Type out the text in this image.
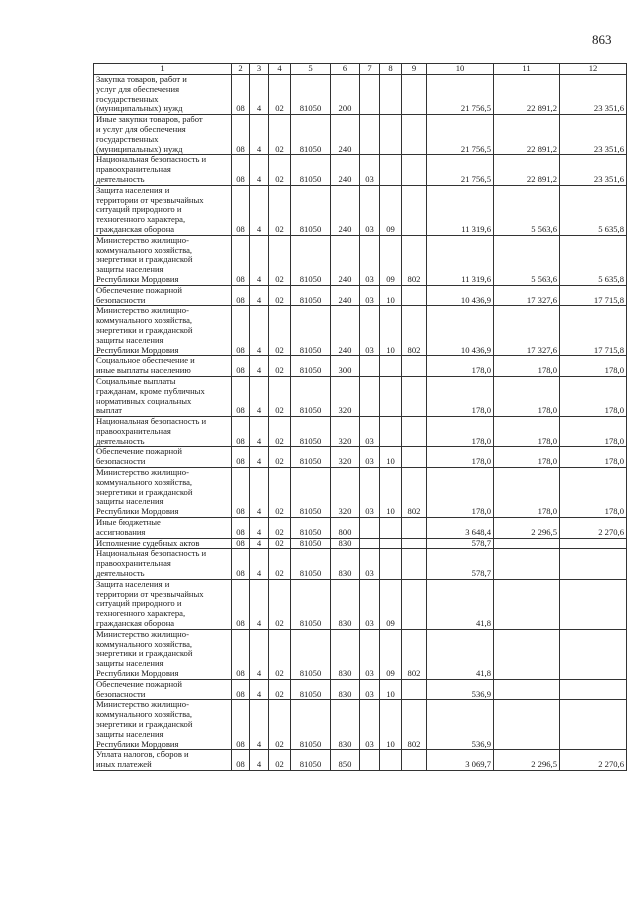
863
1	2	3	4	5	6	7	8	9	10	11	12

Закупка товаров, работ и
услуг для обеспечения
государственных
(муниципальных) нужд	08	4	02	81050	200				21 756,5	22 891,2	23 351,6

Иные закупки товаров, работ
и услуг для обеспечения
государственных
(муниципальных) нужд	08	4	02	81050	240				21 756,5	22 891,2	23 351,6

Национальная безопасность и
правоохранительная
деятельность	08	4	02	81050	240	03			21 756,5	22 891,2	23 351,6

Защита населения и
территории от чрезвычайных
ситуаций природного и
техногенного характера,
гражданская оборона	08	4	02	81050	240	03	09		11 319,6	5 563,6	5 635,8

Министерство жилищно-
коммунального хозяйства,
энергетики и гражданской
защиты населения
Республики Мордовия	08	4	02	81050	240	03	09	802	11 319,6	5 563,6	5 635,8

Обеспечение пожарной
безопасности	08	4	02	81050	240	03	10		10 436,9	17 327,6	17 715,8

Министерство жилищно-
коммунального хозяйства,
энергетики и гражданской
защиты населения
Республики Мордовия	08	4	02	81050	240	03	10	802	10 436,9	17 327,6	17 715,8

Социальное обеспечение и
иные выплаты населению	08	4	02	81050	300				178,0	178,0	178,0

Социальные выплаты
гражданам, кроме публичных
нормативных социальных
выплат	08	4	02	81050	320				178,0	178,0	178,0

Национальная безопасность и
правоохранительная
деятельность	08	4	02	81050	320	03			178,0	178,0	178,0

Обеспечение пожарной
безопасности	08	4	02	81050	320	03	10		178,0	178,0	178,0

Министерство жилищно-
коммунального хозяйства,
энергетики и гражданской
защиты населения
Республики Мордовия	08	4	02	81050	320	03	10	802	178,0	178,0	178,0

Иные бюджетные
ассигнования	08	4	02	81050	800				3 648,4	2 296,5	2 270,6

Исполнение судебных актов	08	4	02	81050	830				578,7		

Национальная безопасность и
правоохранительная
деятельность	08	4	02	81050	830	03			578,7		

Защита населения и
территории от чрезвычайных
ситуаций природного и
техногенного характера,
гражданская оборона	08	4	02	81050	830	03	09		41,8		

Министерство жилищно-
коммунального хозяйства,
энергетики и гражданской
защиты населения
Республики Мордовия	08	4	02	81050	830	03	09	802	41,8		

Обеспечение пожарной
безопасности	08	4	02	81050	830	03	10		536,9		

Министерство жилищно-
коммунального хозяйства,
энергетики и гражданской
защиты населения
Республики Мордовия	08	4	02	81050	830	03	10	802	536,9		

Уплата налогов, сборов и
иных платежей	08	4	02	81050	850				3 069,7	2 296,5	2 270,6
